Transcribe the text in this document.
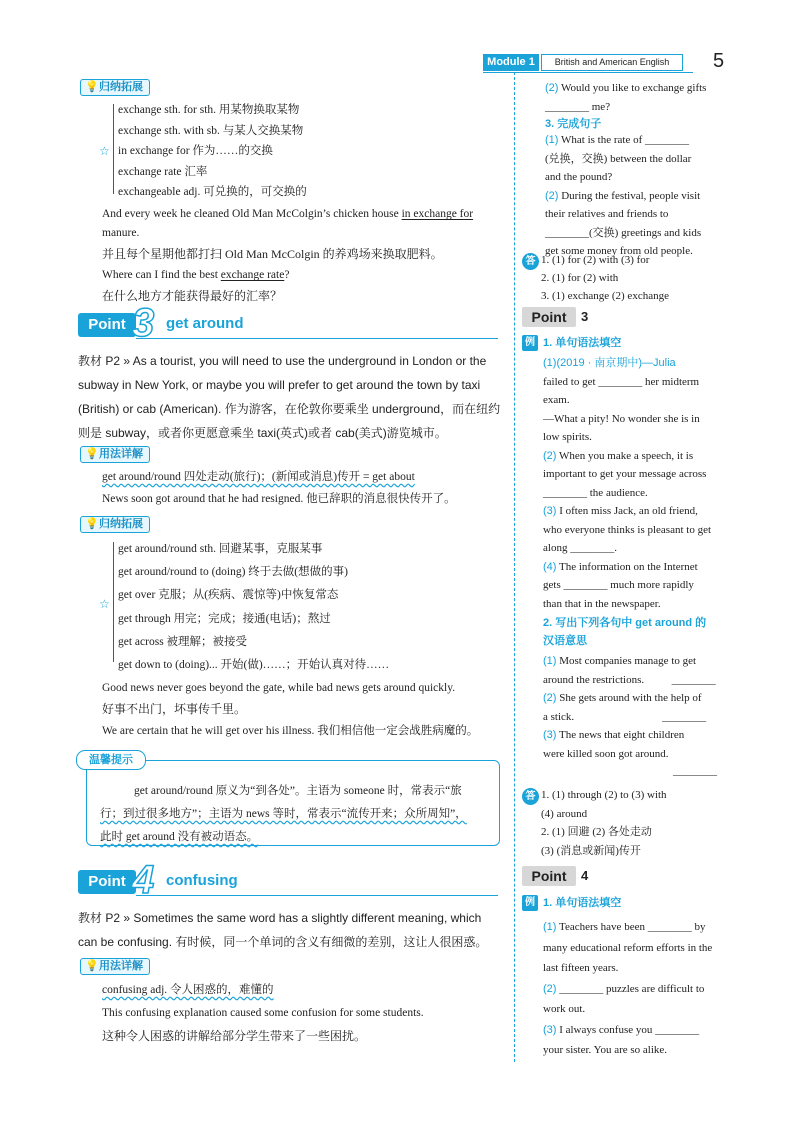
Module 1	British and American English	5
💡 归纳拓展
☆
exchange sth. for sth. 用某物换取某物
exchange sth. with sb. 与某人交换某物
in exchange for 作为……的交换
exchange rate 汇率
exchangeable adj. 可兑换的，可交换的
And every week he cleaned Old Man McColgin’s chicken house in exchange for
manure.
并且每个星期他都打扫 Old Man McColgin 的养鸡场来换取肥料。
Where can I find the best exchange rate?
在什么地方才能获得最好的汇率？
Point 3 get around
教材 P2 » As a tourist, you will need to use the underground in London or the
subway in New York, or maybe you will prefer to get around the town by taxi
(British) or cab (American). 作为游客，在伦敦你要乘坐 underground，而在纽约
则是 subway，或者你更愿意乘坐 taxi(英式)或者 cab(美式)游览城市。
💡 用法详解
get around/round 四处走动(旅行)；(新闻或消息)传开 = get about
News soon got around that he had resigned. 他已辞职的消息很快传开了。
💡 归纳拓展
☆
get around/round sth. 回避某事，克服某事
get around/round to (doing) 终于去做(想做的事)
get over 克服；从(疾病、震惊等)中恢复常态
get through 用完；完成；接通(电话)；熬过
get across 被理解；被接受
get down to (doing)... 开始(做)……；开始认真对待……
Good news never goes beyond the gate, while bad news gets around quickly.
好事不出门，坏事传千里。
We are certain that he will get over his illness. 我们相信他一定会战胜病魔的。
温馨提示
get around/round 原义为“到各处”。主语为 someone 时，常表示“旅
行；到过很多地方”；主语为 news 等时，常表示“流传开来；众所周知”，
此时 get around 没有被动语态。
Point 4 confusing
教材 P2 » Sometimes the same word has a slightly different meaning, which
can be confusing. 有时候，同一个单词的含义有细微的差别，这让人很困惑。
💡 用法详解
confusing adj. 令人困惑的，难懂的
This confusing explanation caused some confusion for some students.
这种令人困惑的讲解给部分学生带来了一些困扰。
(2) Would you like to exchange gifts
________ me?
3. 完成句子
(1) What is the rate of ________
(兑换，交换) between the dollar
and the pound?
(2) During the festival, people visit
their relatives and friends to
________(交换) greetings and kids
get some money from old people.
答 1. (1) for (2) with (3) for
2. (1) for (2) with
3. (1) exchange (2) exchange
Point	3
例 1. 单句语法填空
(1)(2019 · 南京期中)—Julia
failed to get ________ her midterm
exam.
—What a pity! No wonder she is in
low spirits.
(2) When you make a speech, it is
important to get your message across
________ the audience.
(3) I often miss Jack, an old friend,
who everyone thinks is pleasant to get
along ________.
(4) The information on the Internet
gets ________ much more rapidly
than that in the newspaper.
2. 写出下列各句中 get around 的
汉语意思
(1) Most companies manage to get
around the restrictions.          ________
(2) She gets around with the help of
a stick.                                ________
(3) The news that eight children
were killed soon got around.
________
答 1. (1) through (2) to (3) with
(4) around
2. (1) 回避 (2) 各处走动
(3) (消息或新闻)传开
Point	4
例 1. 单句语法填空
(1) Teachers have been ________ by
many educational reform efforts in the
last fifteen years.
(2) ________ puzzles are difficult to
work out.
(3) I always confuse you ________
your sister. You are so alike.
